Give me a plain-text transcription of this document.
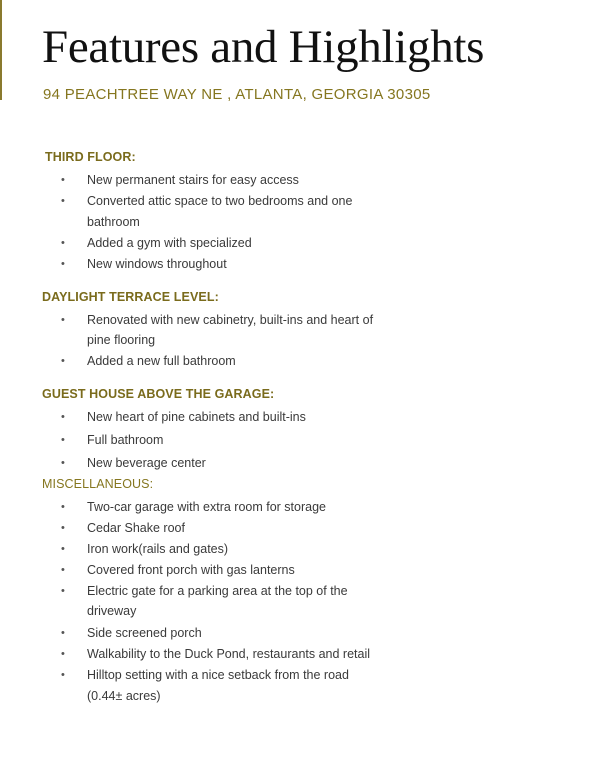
Features and Highlights

94 PEACHTREE WAY NE , ATLANTA, GEORGIA 30305

THIRD FLOOR:
• New permanent stairs for easy access
• Converted attic space to two bedrooms and one
bathroom
• Added a gym with specialized
• New windows throughout
DAYLIGHT TERRACE LEVEL:
• Renovated with new cabinetry, built-ins and heart of
pine flooring
• Added a new full bathroom
GUEST HOUSE ABOVE THE GARAGE:
• New heart of pine cabinets and built-ins
• Full bathroom
• New beverage center
MISCELLANEOUS:
• Two-car garage with extra room for storage
• Cedar Shake roof
• Iron work(rails and gates)
• Covered front porch with gas lanterns
• Electric gate for a parking area at the top of the
driveway
• Side screened porch
• Walkability to the Duck Pond, restaurants and retail
• Hilltop setting with a nice setback from the road
(0.44± acres)
